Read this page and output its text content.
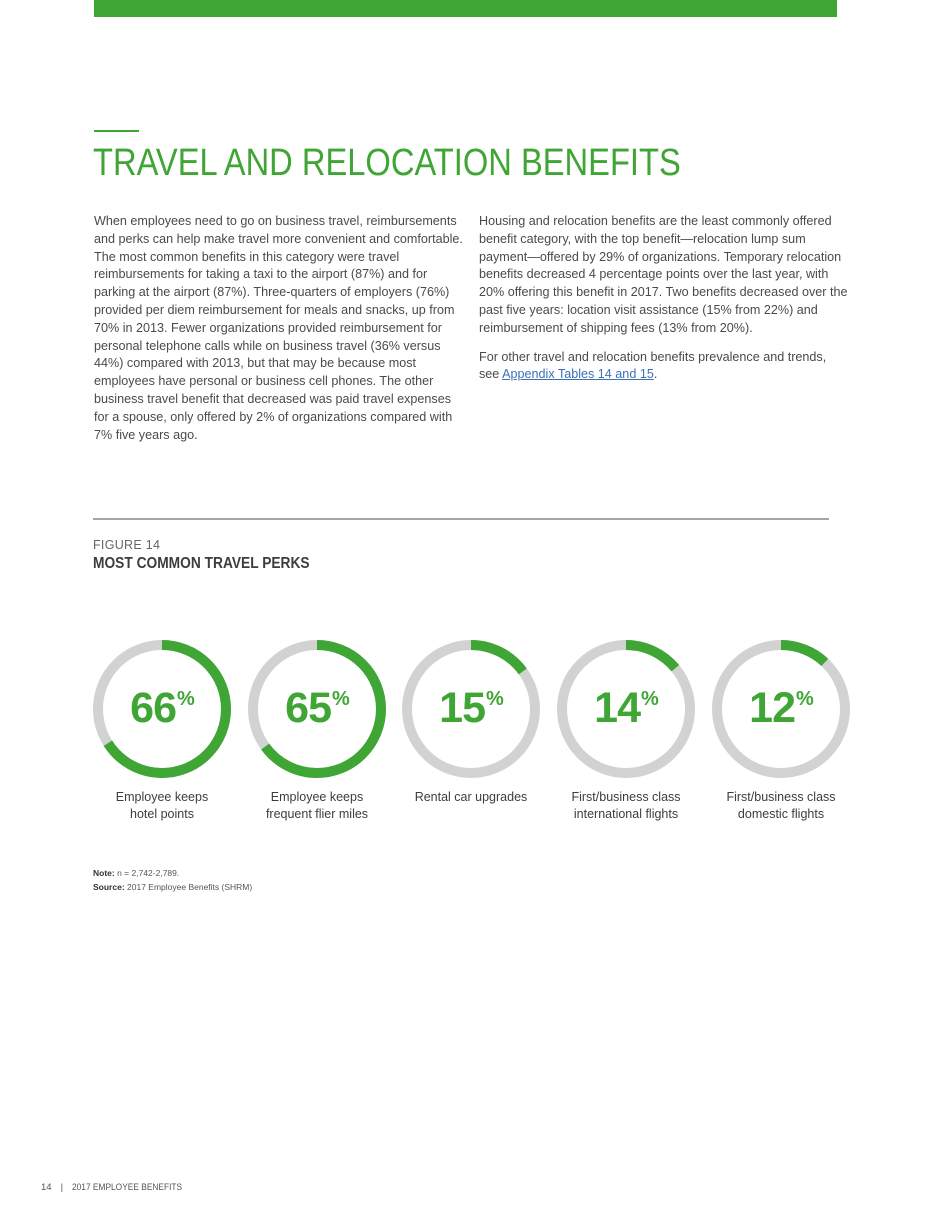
TRAVEL AND RELOCATION BENEFITS

When employees need to go on business travel, reimbursements and perks can help make travel more convenient and comfortable. The most common benefits in this category were travel reimbursements for taking a taxi to the airport (87%) and for parking at the airport (87%). Three-quarters of employers (76%) provided per diem reimbursement for meals and snacks, up from 70% in 2013. Fewer organizations provided reimbursement for personal telephone calls while on business travel (36% versus 44%) compared with 2013, but that may be because most employees have personal or business cell phones. The other business travel benefit that decreased was paid travel expenses for a spouse, only offered by 2% of organizations compared with 7% five years ago.

Housing and relocation benefits are the least commonly offered benefit category, with the top benefit—relocation lump sum payment—offered by 29% of organizations. Temporary relocation benefits decreased 4 percentage points over the last year, with 20% offering this benefit in 2017. Two benefits decreased over the past five years: location visit assistance (15% from 22%) and reimbursement of shipping fees (13% from 20%).

For other travel and relocation benefits prevalence and trends, see Appendix Tables 14 and 15.

FIGURE 14
MOST COMMON TRAVEL PERKS
66%
Employee keeps
hotel points
65%
Employee keeps
frequent flier miles
15%
Rental car upgrades

14%
First/business class
international flights
12%
First/business class
domestic flights
Note: n = 2,742-2,789.
Source: 2017 Employee Benefits (SHRM)
14 | 2017 EMPLOYEE BENEFITS
